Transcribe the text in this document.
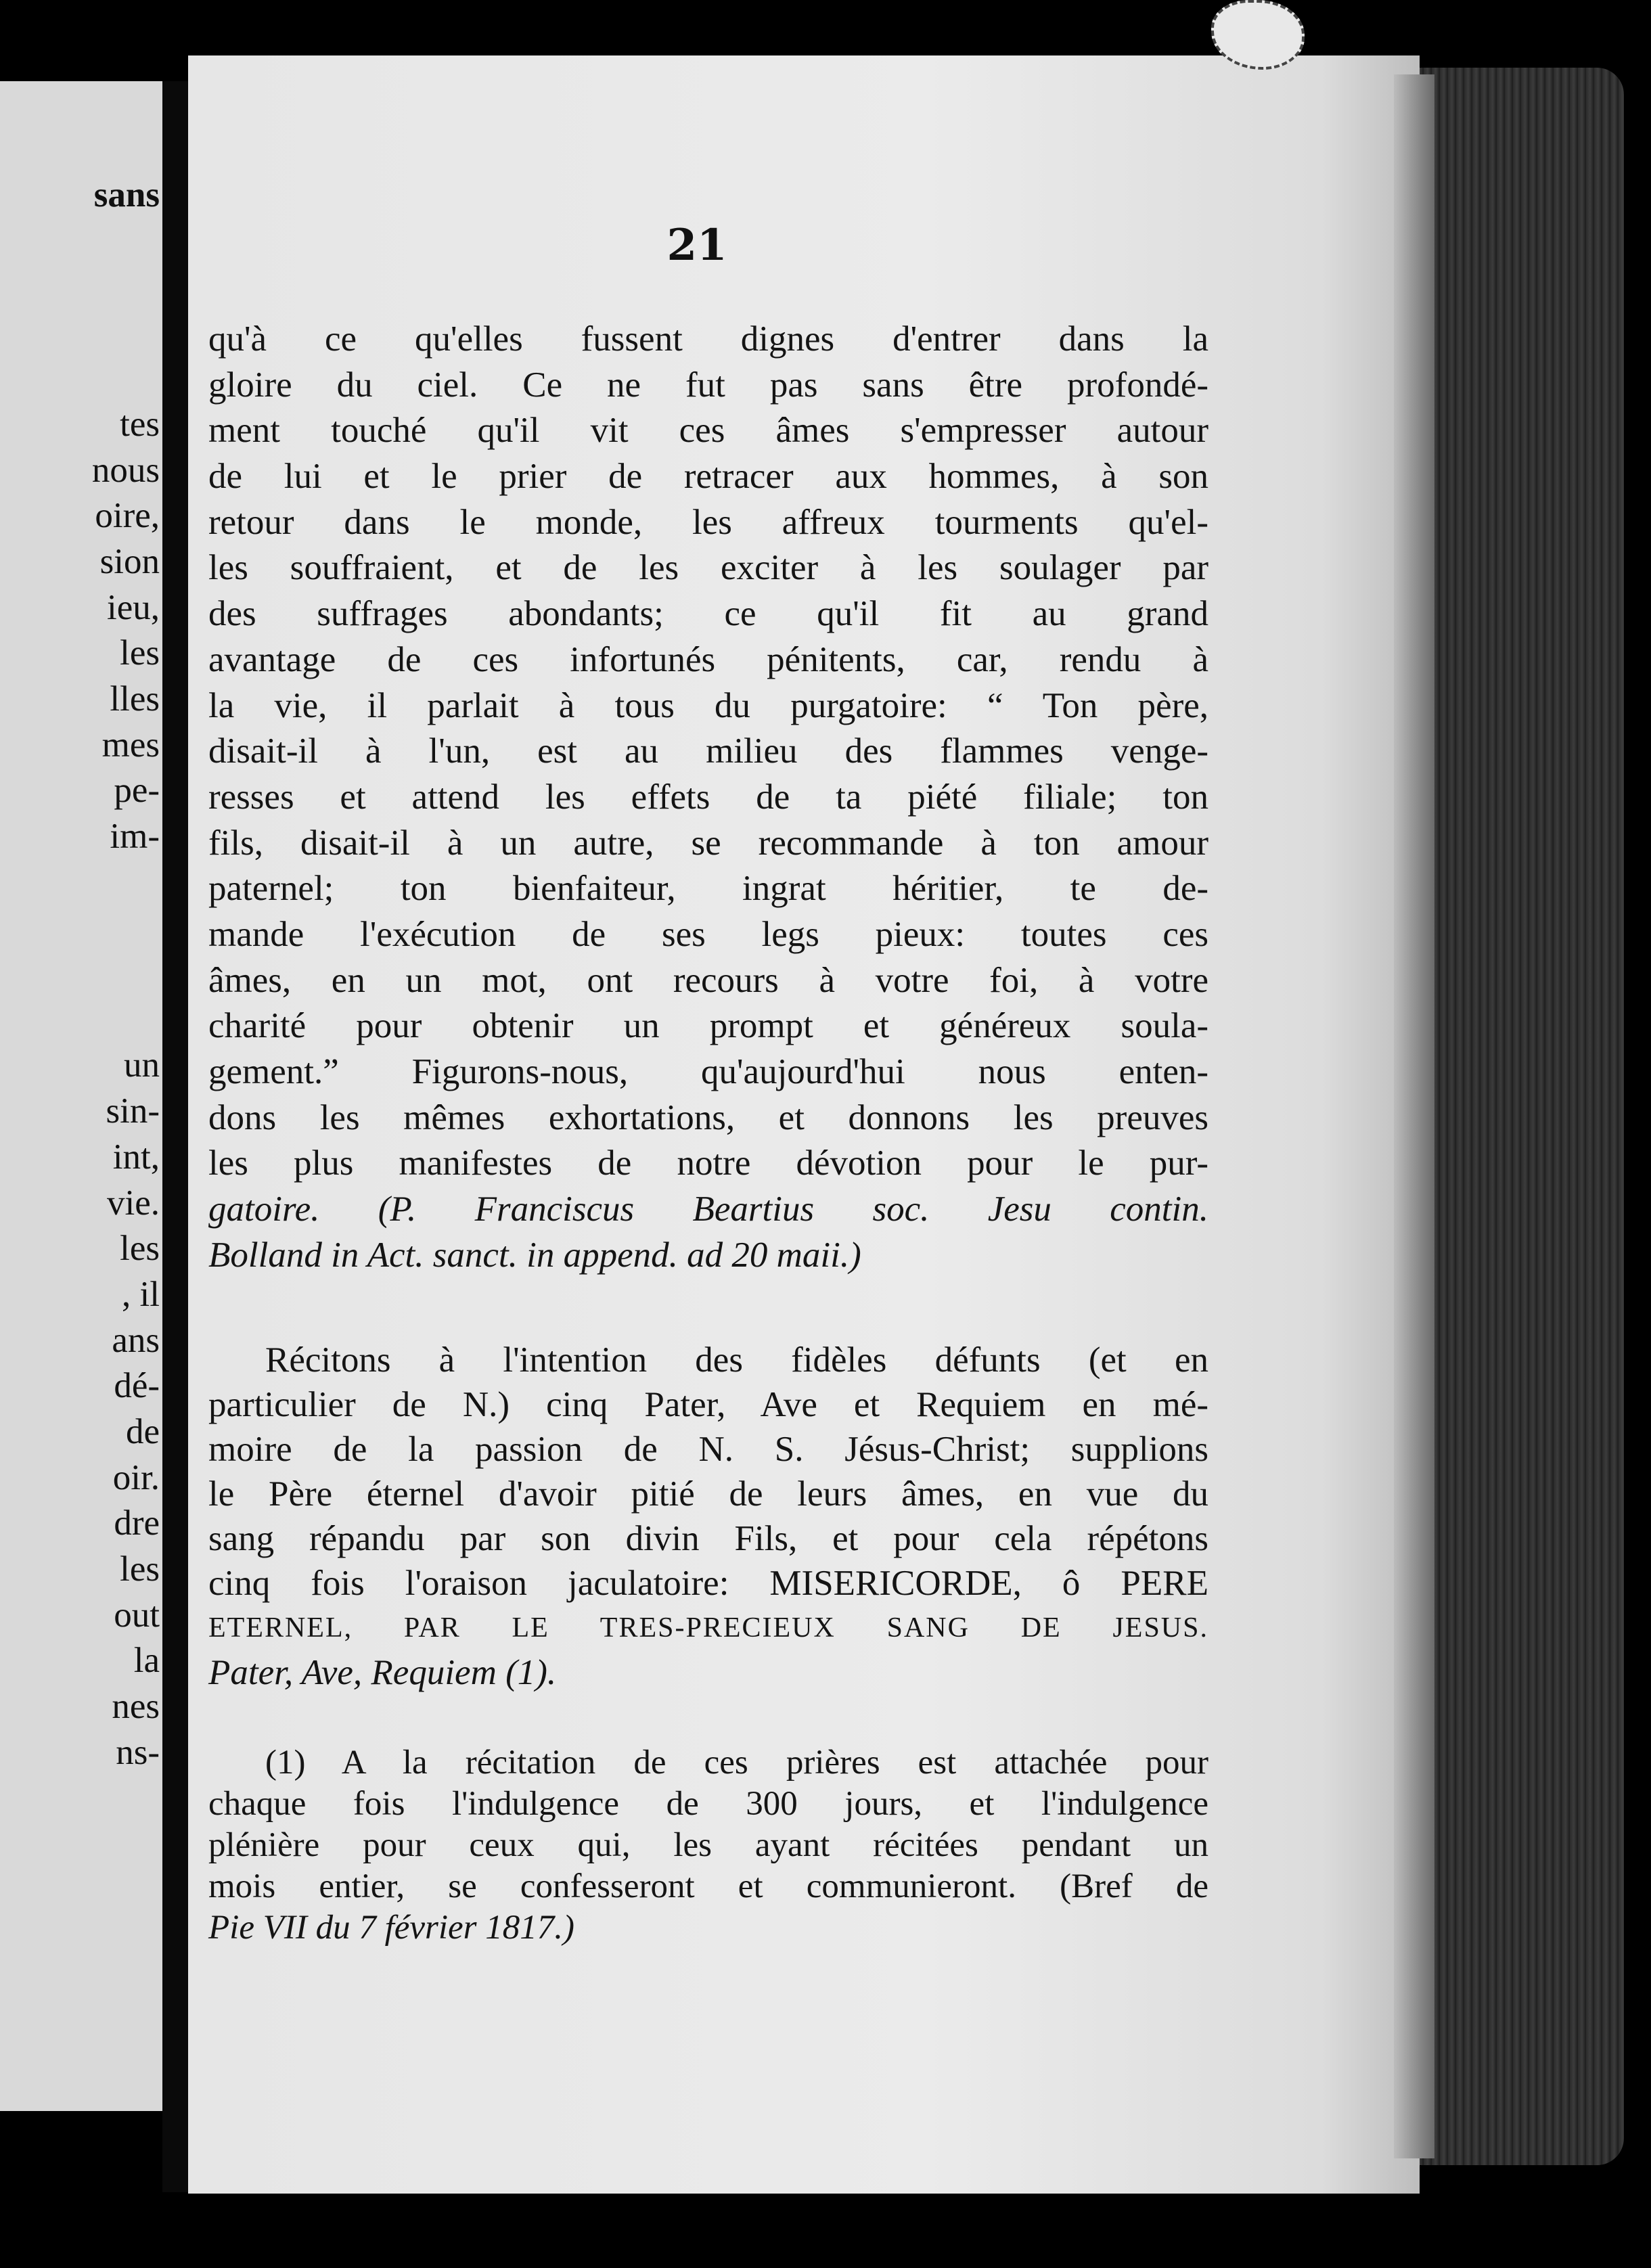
sans
tes
nous
oire,
sion
ieu,
les
lles
mes
pe-
im-
un
sin-
int,
vie.
les
, il
ans
dé-
de
oir.
dre
les
out
la
nes
ns-
21
qu'à ce qu'elles fussent dignes d'entrer dans la
gloire du ciel. Ce ne fut pas sans être profondé-
ment touché qu'il vit ces âmes s'empresser autour
de lui et le prier de retracer aux hommes, à son
retour dans le monde, les affreux tourments qu'el-
les souffraient, et de les exciter à les soulager par
des suffrages abondants; ce qu'il fit au grand
avantage de ces infortunés pénitents, car, rendu à
la vie, il parlait à tous du purgatoire: “ Ton père,
disait-il à l'un, est au milieu des flammes venge-
resses et attend les effets de ta piété filiale; ton
fils, disait-il à un autre, se recommande à ton amour
paternel; ton bienfaiteur, ingrat héritier, te de-
mande l'exécution de ses legs pieux: toutes ces
âmes, en un mot, ont recours à votre foi, à votre
charité pour obtenir un prompt et généreux soula-
gement.” Figurons-nous, qu'aujourd'hui nous enten-
dons les mêmes exhortations, et donnons les preuves
les plus manifestes de notre dévotion pour le pur-
gatoire. (P. Franciscus Beartius soc. Jesu contin.
Bolland in Act. sanct. in append. ad 20 maii.)
Récitons à l'intention des fidèles défunts (et en
particulier de N.) cinq Pater, Ave et Requiem en mé-
moire de la passion de N. S. Jésus-Christ; supplions
le Père éternel d'avoir pitié de leurs âmes, en vue du
sang répandu par son divin Fils, et pour cela répétons
cinq fois l'oraison jaculatoire: MISERICORDE, ô PERE
ETERNEL, PAR LE TRES-PRECIEUX SANG DE JESUS.
Pater, Ave, Requiem (1).
(1) A la récitation de ces prières est attachée pour
chaque fois l'indulgence de 300 jours, et l'indulgence
plénière pour ceux qui, les ayant récitées pendant un
mois entier, se confesseront et communieront. (Bref de
Pie VII du 7 février 1817.)
